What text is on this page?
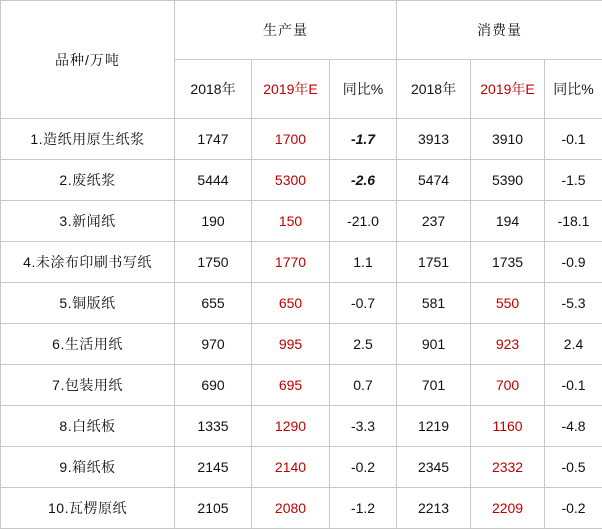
品种/万吨	生产量			消费量		
	2018年	2019年E	同比%	2018年	2019年E	同比%
1.造纸用原生纸浆	1747	1700	-1.7	3913	3910	-0.1
2.废纸浆	5444	5300	-2.6	5474	5390	-1.5
3.新闻纸	190	150	-21.0	237	194	-18.1
4.未涂布印刷书写纸	1750	1770	1.1	1751	1735	-0.9
5.铜版纸	655	650	-0.7	581	550	-5.3
6.生活用纸	970	995	2.5	901	923	2.4
7.包装用纸	690	695	0.7	701	700	-0.1
8.白纸板	1335	1290	-3.3	1219	1160	-4.8
9.箱纸板	2145	2140	-0.2	2345	2332	-0.5
10.瓦楞原纸	2105	2080	-1.2	2213	2209	-0.2
